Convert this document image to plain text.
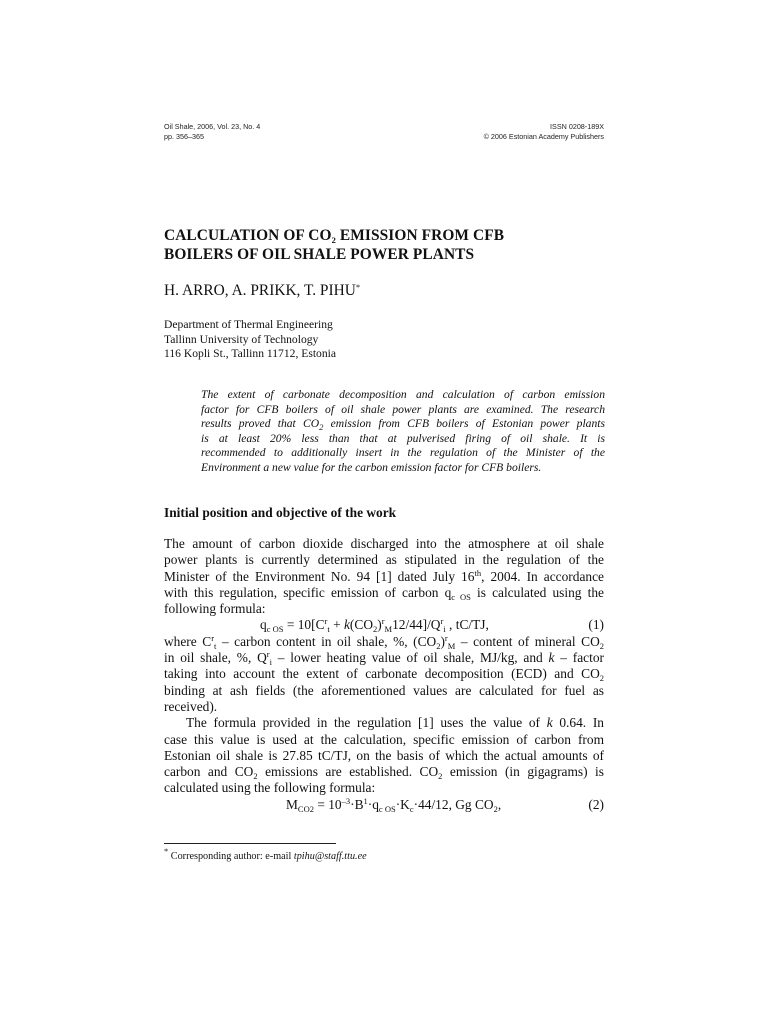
Oil Shale, 2006, Vol. 23, No. 4	ISSN 0208-189X
pp. 356–365	© 2006 Estonian Academy Publishers
CALCULATION OF $CO_2$ EMISSION FROM CFB
BOILERS OF OIL SHALE POWER PLANTS
H. ARRO, A. PRIKK, T. PIHU*
Department of Thermal Engineering
Tallinn University of Technology
116 Kopli St., Tallinn 11712, Estonia
The extent of carbonate decomposition and calculation of carbon emission
factor for CFB boilers of oil shale power plants are examined. The research
results proved that $CO_2$ emission from CFB boilers of Estonian power plants
is at least 20% less than that at pulverised firing of oil shale. It is
recommended to additionally insert in the regulation of the Minister of the
Environment a new value for the carbon emission factor for CFB boilers.
Initial position and objective of the work
The amount of carbon dioxide discharged into the atmosphere at oil shale
power plants is currently determined as stipulated in the regulation of the
Minister of the Environment No. 94 [1] dated July 16th, 2004. In accordance
with this regulation, specific emission of carbon $q_{c OS}$ is calculated using the
following formula:
$q_{c OS} = 10[C^r_t + k(CO_2)^r_M12/44]/Q^r_i$ , tC/TJ,	(1)
where $C^r_t$ – carbon content in oil shale, %, $(CO_2)^r_M$ – content of mineral $CO_2$
in oil shale, %, $Q^r_i$ – lower heating value of oil shale, MJ/kg, and k – factor
taking into account the extent of carbonate decomposition (ECD) and $CO_2$
binding at ash fields (the aforementioned values are calculated for fuel as
received).
The formula provided in the regulation [1] uses the value of k 0.64. In
case this value is used at the calculation, specific emission of carbon from
Estonian oil shale is 27.85 tC/TJ, on the basis of which the actual amounts of
carbon and $CO_2$ emissions are established. $CO_2$ emission (in gigagrams) is
calculated using the following formula:
$M_{CO2} = 10^{-3}\cdot B^1\cdot q_{c OS}\cdot K_c\cdot 44/12$, Gg $CO_2$,	(2)
* Corresponding author: e-mail tpihu@staff.ttu.ee
